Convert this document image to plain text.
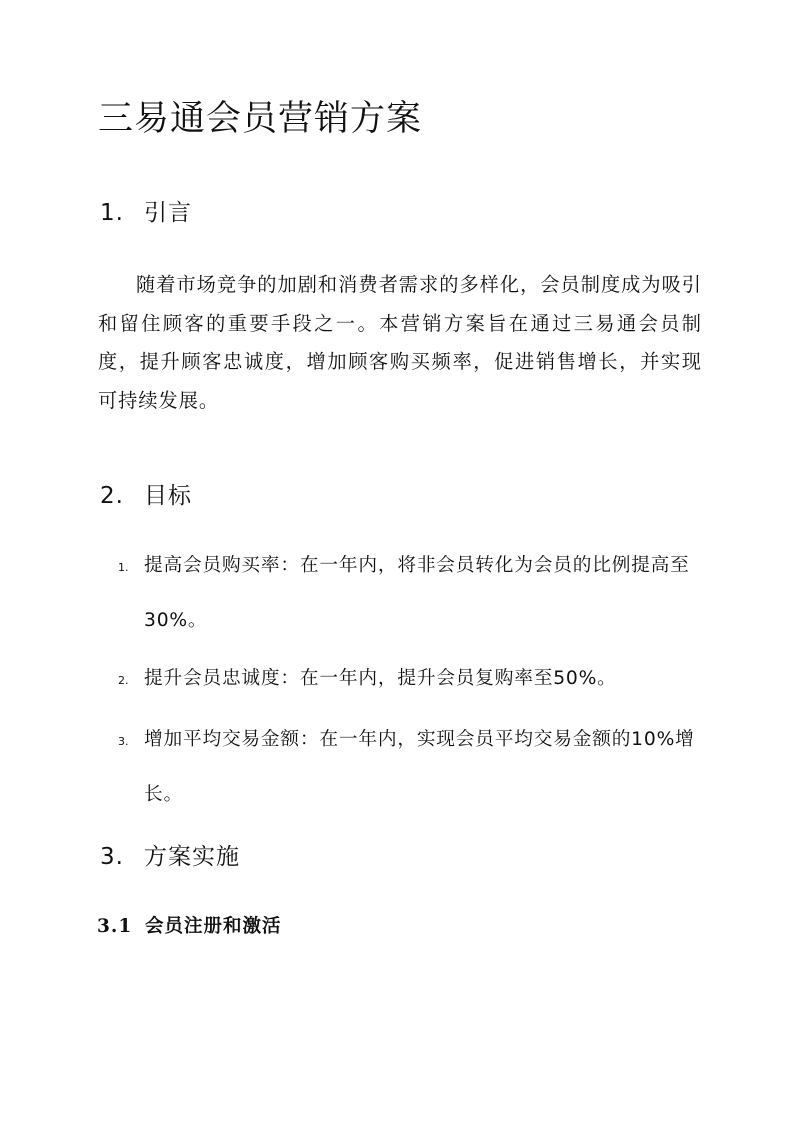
三易通会员营销方案
1. 引言

随着市场竞争的加剧和消费者需求的多样化，会员制度成为吸引和留住顾客的重要手段之一。本营销方案旨在通过三易通会员制度，提升顾客忠诚度，增加顾客购买频率，促进销售增长，并实现可持续发展。

2. 目标
1. 提高会员购买率：在一年内，将非会员转化为会员的比例提高至30%。
2. 提升会员忠诚度：在一年内，提升会员复购率至50%。
3. 增加平均交易金额：在一年内，实现会员平均交易金额的10%增长。
3. 方案实施
3.1 会员注册和激活
